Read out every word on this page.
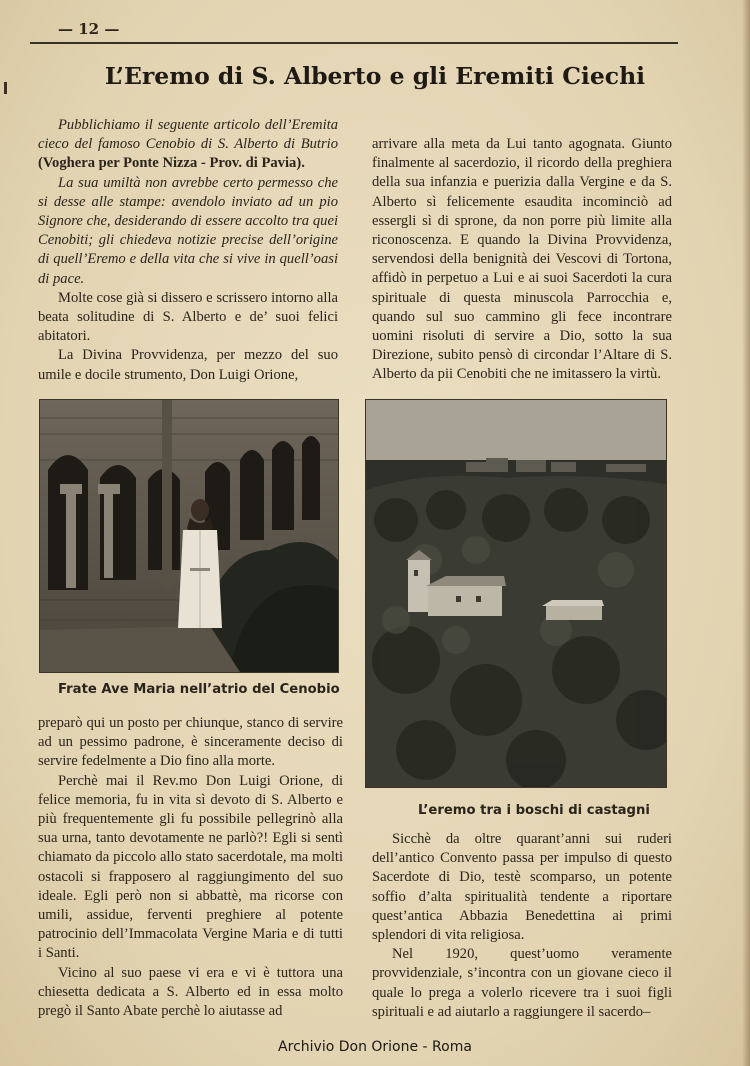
— 12 —
L’Eremo di S. Alberto e gli Eremiti Ciechi

Pubblichiamo il seguente articolo dell’Eremita cieco del famoso Cenobio di S. Alberto di Butrio (Voghera per Ponte Nizza - Prov. di Pavia).

La sua umiltà non avrebbe certo permesso che si desse alle stampe: avendolo inviato ad un pio Signore che, desiderando di essere accolto tra quei Cenobiti; gli chiedeva notizie precise dell’origine di quell’Eremo e della vita che si vive in quell’oasi di pace.

Molte cose già si dissero e scrissero intorno alla beata solitudine di S. Alberto e de’ suoi felici abitatori.

La Divina Provvidenza, per mezzo del suo umile e docile strumento, Don Luigi Orione,

arrivare alla meta da Lui tanto agognata. Giunto finalmente al sacerdozio, il ricordo della preghiera della sua infanzia e puerizia dalla Vergine e da S. Alberto sì felicemente esaudita incominciò ad essergli sì di sprone, da non porre più limite alla riconoscenza. E quando la Divina Provvidenza, servendosi della benignità dei Vescovi di Tortona, affidò in perpetuo a Lui e ai suoi Sacerdoti la cura spirituale di questa minuscola Parrocchia e, quando sul suo cammino gli fece incontrare uomini risoluti di servire a Dio, sotto la sua Direzione, subito pensò di circondar l’Altare di S. Alberto da pii Cenobiti che ne imitassero la virtù.

Frate Ave Maria nell’atrio del Cenobio
L’eremo tra i boschi di castagni

preparò qui un posto per chiunque, stanco di servire ad un pessimo padrone, è sinceramente deciso di servire fedelmente a Dio fino alla morte.

Perchè mai il Rev.mo Don Luigi Orione, di felice memoria, fu in vita sì devoto di S. Alberto e più frequentemente gli fu possibile pellegrinò alla sua urna, tanto devotamente ne parlò?! Egli si sentì chiamato da piccolo allo stato sacerdotale, ma molti ostacoli si frapposero al raggiungimento del suo ideale. Egli però non si abbattè, ma ricorse con umili, assidue, ferventi preghiere al potente patrocinio dell’Immacolata Vergine Maria e di tutti i Santi.

Vicino al suo paese vi era e vi è tuttora una chiesetta dedicata a S. Alberto ed in essa molto pregò il Santo Abate perchè lo aiutasse ad

Sicchè da oltre quarant’anni sui ruderi dell’antico Convento passa per impulso di questo Sacerdote di Dio, testè scomparso, un potente soffio d’alta spiritualità tendente a riportare quest’antica Abbazia Benedettina ai primi splendori di vita religiosa.

Nel 1920, quest’uomo veramente provvidenziale, s’incontra con un giovane cieco il quale lo prega a volerlo ricevere tra i suoi figli spirituali e ad aiutarlo a raggiungere il sacerdo–

Archivio Don Orione - Roma
